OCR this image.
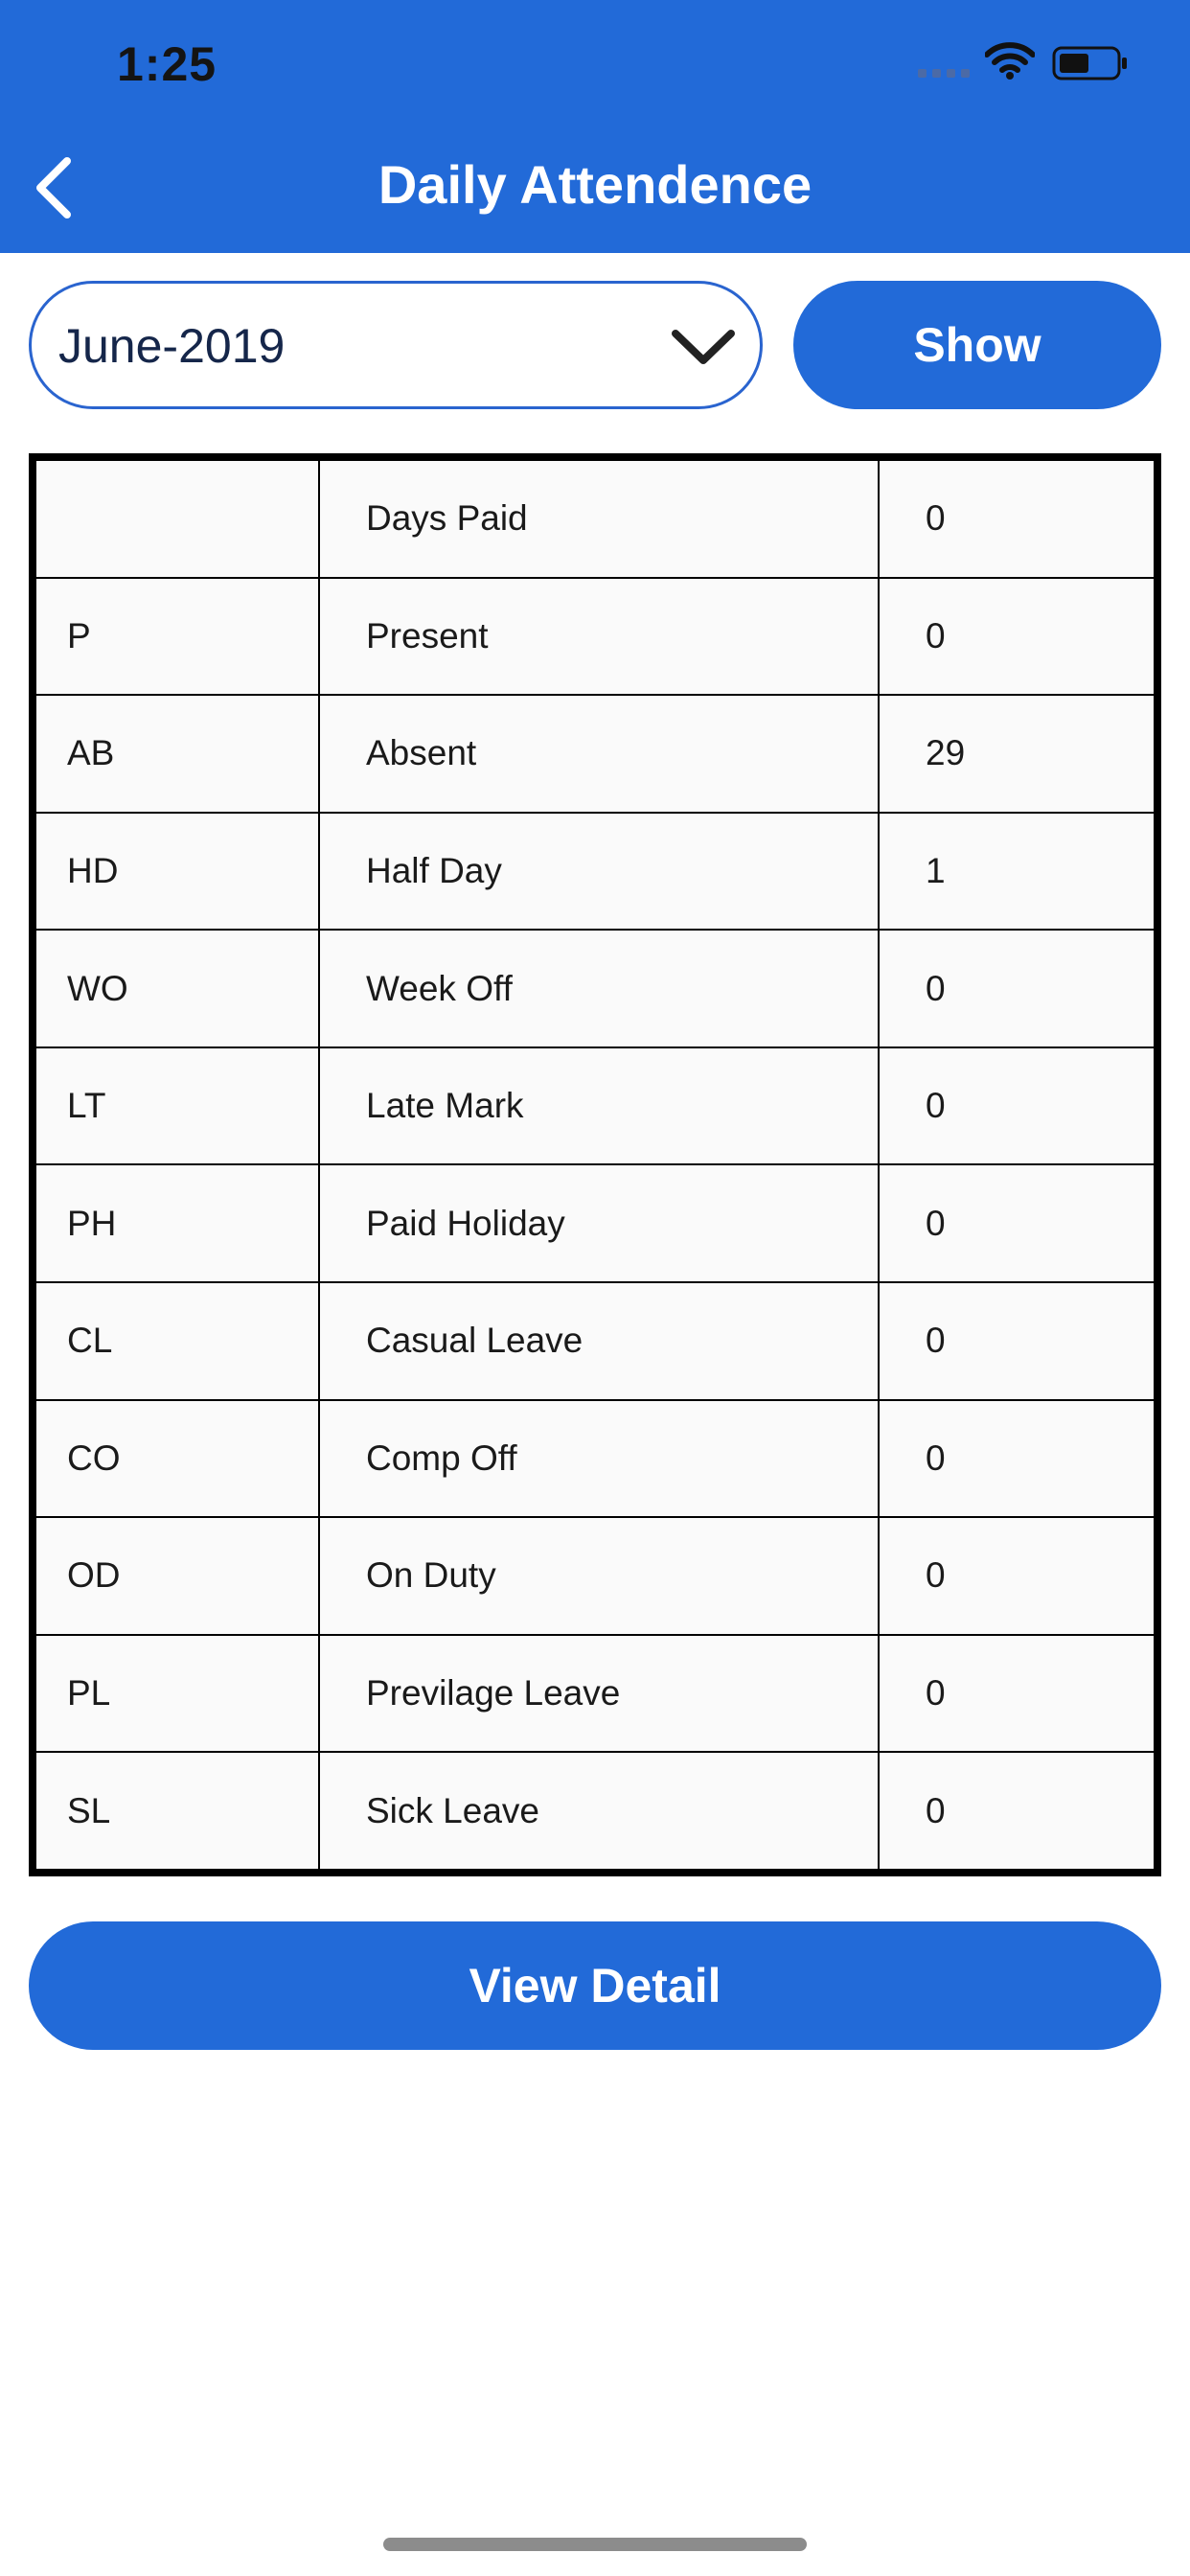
1:25
Daily Attendence
June-2019	Show
	Days Paid	0
P	Present	0
AB	Absent	29
HD	Half Day	1
WO	Week Off	0
LT	Late Mark	0
PH	Paid Holiday	0
CL	Casual Leave	0
CO	Comp Off	0
OD	On Duty	0
PL	Previlage Leave	0
SL	Sick Leave	0
View Detail
